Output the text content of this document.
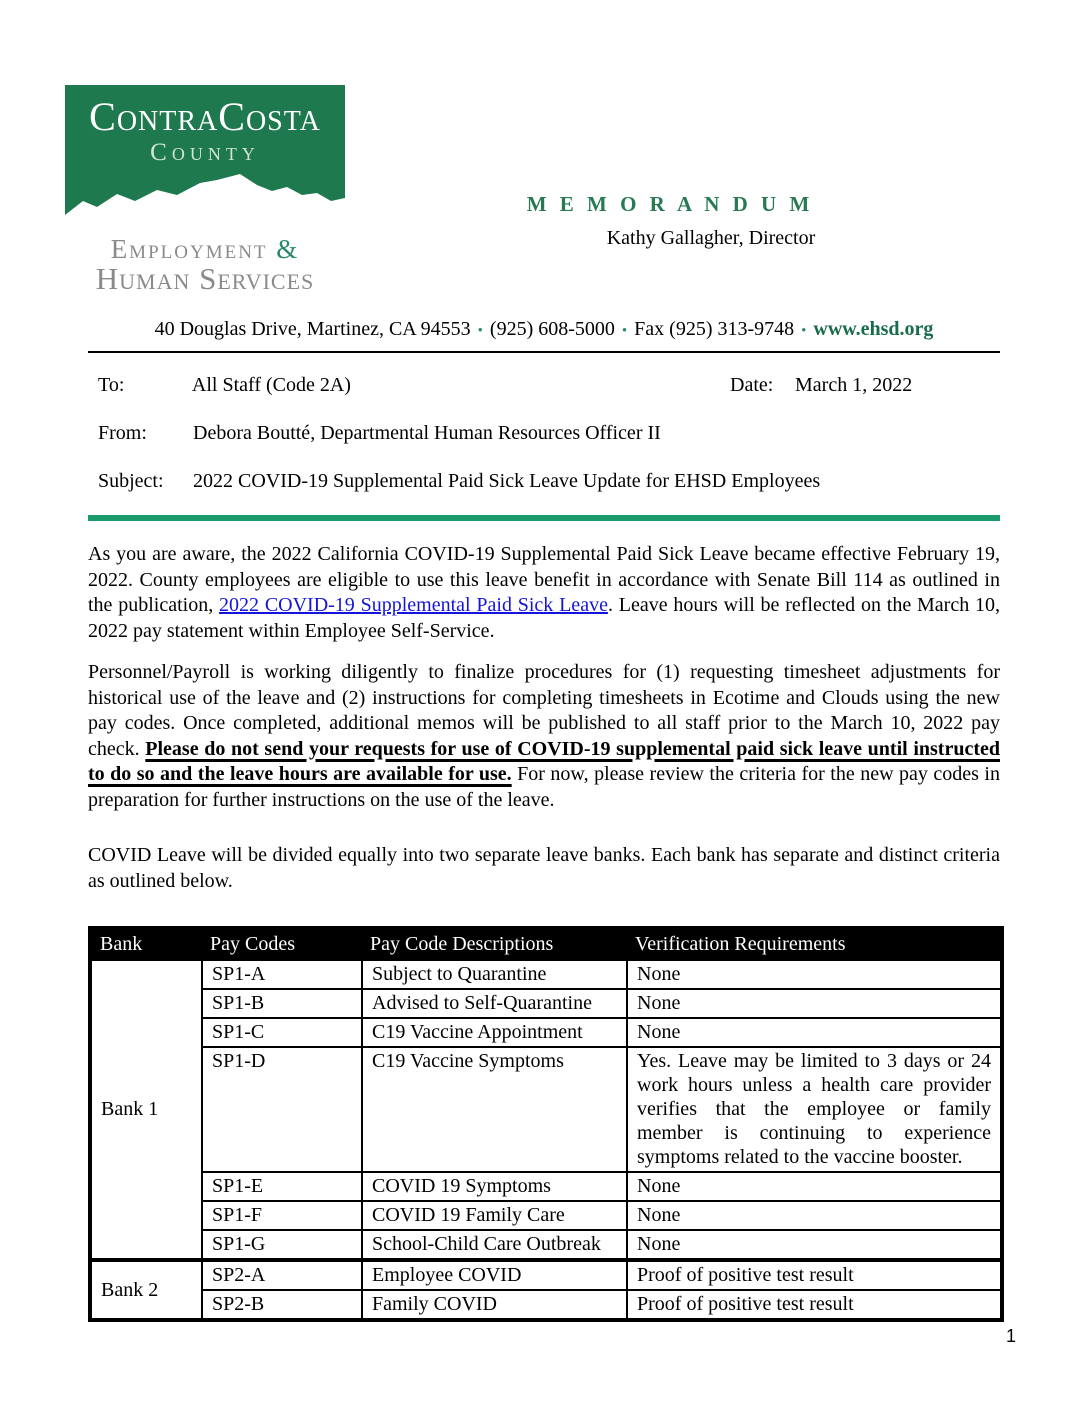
ContraCosta
County
Employment &
Human Services
M E M O R A N D U M
Kathy Gallagher, Director
40 Douglas Drive, Martinez, CA 94553 • (925) 608-5000 • Fax (925) 313-9748 • www.ehsd.org
To:	All Staff (Code 2A)	Date: March 1, 2022
From: Debora Boutté, Departmental Human Resources Officer II
Subject: 2022 COVID-19 Supplemental Paid Sick Leave Update for EHSD Employees

As you are aware, the 2022 California COVID-19 Supplemental Paid Sick Leave became effective February 19, 2022. County employees are eligible to use this leave benefit in accordance with Senate Bill 114 as outlined in the publication, 2022 COVID-19 Supplemental Paid Sick Leave. Leave hours will be reflected on the March 10, 2022 pay statement within Employee Self-Service.

Personnel/Payroll is working diligently to finalize procedures for (1) requesting timesheet adjustments for historical use of the leave and (2) instructions for completing timesheets in Ecotime and Clouds using the new pay codes. Once completed, additional memos will be published to all staff prior to the March 10, 2022 pay check. Please do not send your requests for use of COVID-19 supplemental paid sick leave until instructed to do so and the leave hours are available for use. For now, please review the criteria for the new pay codes in preparation for further instructions on the use of the leave.

COVID Leave will be divided equally into two separate leave banks. Each bank has separate and distinct criteria as outlined below.

Bank	Pay Codes	Pay Code Descriptions	Verification Requirements
Bank 1	SP1-A	Subject to Quarantine	None
	SP1-B	Advised to Self-Quarantine	None
	SP1-C	C19 Vaccine Appointment	None
	SP1-D	C19 Vaccine Symptoms	Yes. Leave may be limited to 3 days or 24 work hours unless a health care provider verifies that the employee or family member is continuing to experience symptoms related to the vaccine booster.
	SP1-E	COVID 19 Symptoms	None
	SP1-F	COVID 19 Family Care	None
	SP1-G	School-Child Care Outbreak	None
Bank 2	SP2-A	Employee COVID	Proof of positive test result
	SP2-B	Family COVID	Proof of positive test result
1
